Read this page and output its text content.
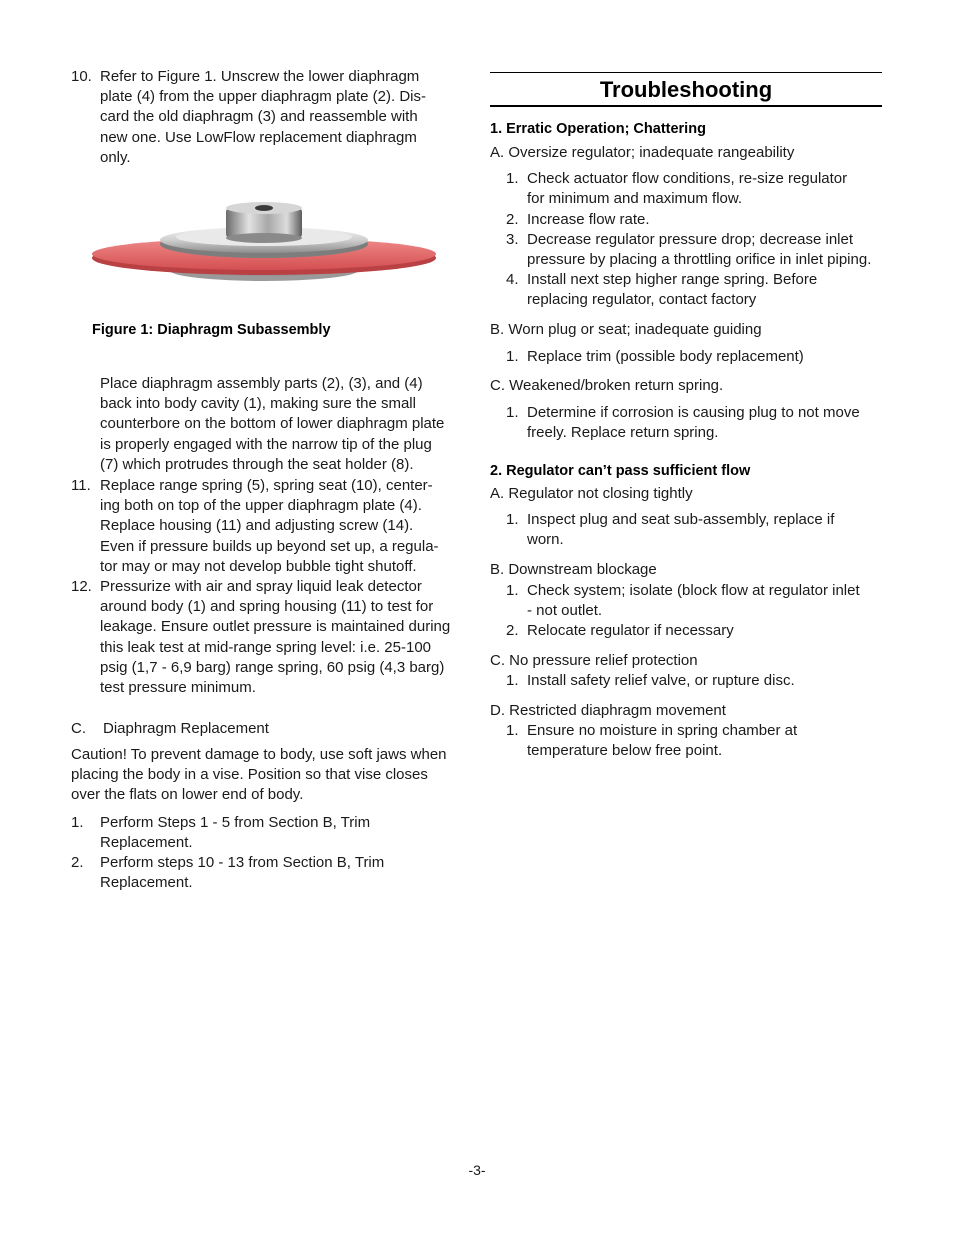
10. Refer to Figure 1. Unscrew the lower diaphragm
plate (4) from the upper diaphragm plate (2). Dis-
card the old diaphragm (3) and reassemble with
new one. Use LowFlow replacement diaphragm
only.

Figure 1: Diaphragm Subassembly

Place diaphragm assembly parts (2), (3), and (4)
back into body cavity (1), making sure the small
counterbore on the bottom of lower diaphragm plate
is properly engaged with the narrow tip of the plug
(7) which protrudes through the seat holder (8).

11. Replace range spring (5), spring seat (10), center-
ing both on top of the upper diaphragm plate (4).
Replace housing (11) and adjusting screw (14).
Even if pressure builds up beyond set up, a regula-
tor may or may not develop bubble tight shutoff.

12. Pressurize with air and spray liquid leak detector
around body (1) and spring housing (11) to test for
leakage. Ensure outlet pressure is maintained during
this leak test at mid-range spring level: i.e. 25-100
psig (1,7 - 6,9 barg) range spring, 60 psig (4,3 barg)
test pressure minimum.

C. Diaphragm Replacement

Caution! To prevent damage to body, use soft jaws when
placing the body in a vise. Position so that vise closes
over the flats on lower end of body.

1. Perform Steps 1 - 5 from Section B, Trim
Replacement.

2. Perform steps 10 - 13 from Section B, Trim
Replacement.

Troubleshooting
1. Erratic Operation; Chattering
A. Oversize regulator; inadequate rangeability
1. Check actuator flow conditions, re-size regulator
for minimum and maximum flow.

2. Increase flow rate.

3. Decrease regulator pressure drop; decrease inlet
pressure by placing a throttling orifice in inlet piping.

4. Install next step higher range spring. Before
replacing regulator, contact factory

B. Worn plug or seat; inadequate guiding
1. Replace trim (possible body replacement)

C. Weakened/broken return spring.
1. Determine if corrosion is causing plug to not move
freely. Replace return spring.

2. Regulator can’t pass sufficient flow
A. Regulator not closing tightly
1. Inspect plug and seat sub-assembly, replace if
worn.

B. Downstream blockage
1. Check system; isolate (block flow at regulator inlet
- not outlet.

2. Relocate regulator if necessary

C. No pressure relief protection
1. Install safety relief valve, or rupture disc.

D. Restricted diaphragm movement
1. Ensure no moisture in spring chamber at
temperature below free point.

-3-
